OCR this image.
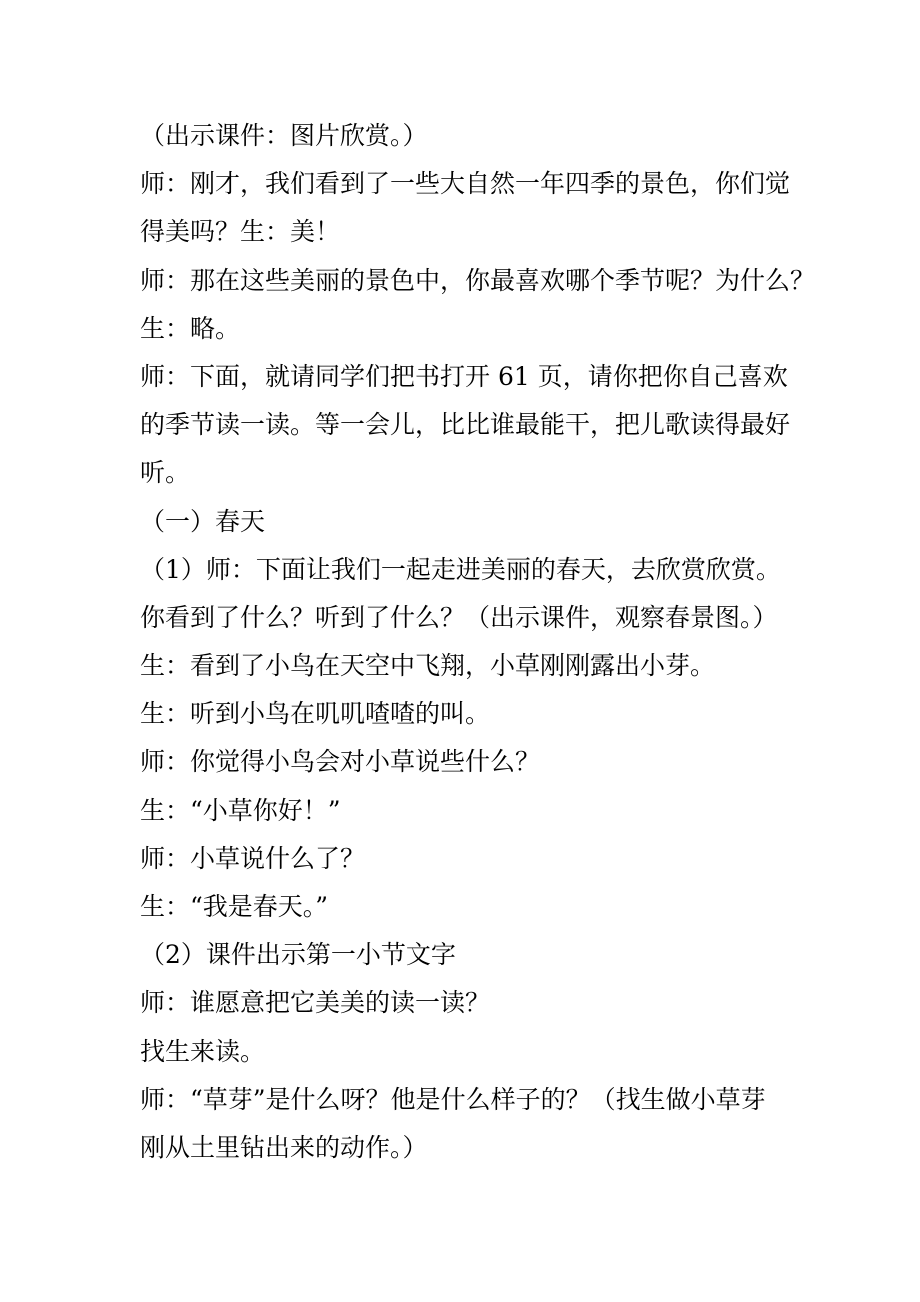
（出示课件：图片欣赏。）
师：刚才，我们看到了一些大自然一年四季的景色，你们觉
得美吗？生：美！
师：那在这些美丽的景色中，你最喜欢哪个季节呢？为什么？
生：略。
师：下面，就请同学们把书打开 61 页，请你把你自己喜欢
的季节读一读。等一会儿，比比谁最能干，把儿歌读得最好
听。
（一）春天
（1）师：下面让我们一起走进美丽的春天，去欣赏欣赏。
你看到了什么？听到了什么？（出示课件，观察春景图。）
生：看到了小鸟在天空中飞翔，小草刚刚露出小芽。
生：听到小鸟在叽叽喳喳的叫。
师：你觉得小鸟会对小草说些什么？
生：“小草你好！”
师：小草说什么了？
生：“我是春天。”
（2）课件出示第一小节文字
师：谁愿意把它美美的读一读？
找生来读。
师：“草芽”是什么呀？他是什么样子的？（找生做小草芽
刚从土里钻出来的动作。）
